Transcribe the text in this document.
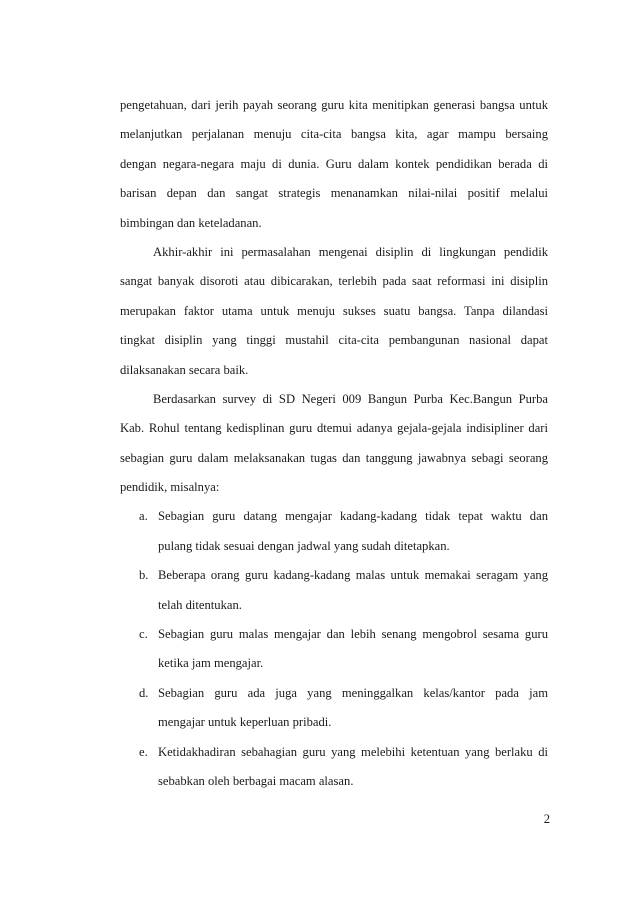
pengetahuan, dari jerih payah seorang guru kita menitipkan generasi bangsa untuk
melanjutkan perjalanan menuju cita-cita bangsa kita, agar mampu bersaing
dengan negara-negara maju di dunia. Guru dalam kontek pendidikan berada di
barisan depan dan sangat strategis menanamkan nilai-nilai positif melalui
bimbingan dan keteladanan.
Akhir-akhir ini permasalahan mengenai disiplin di lingkungan pendidik
sangat banyak disoroti atau dibicarakan, terlebih pada saat reformasi ini disiplin
merupakan faktor utama untuk menuju sukses suatu bangsa. Tanpa dilandasi
tingkat disiplin yang tinggi mustahil cita-cita pembangunan nasional dapat
dilaksanakan secara baik.
Berdasarkan survey di SD Negeri 009 Bangun Purba Kec.Bangun Purba
Kab. Rohul tentang kedisplinan guru dtemui adanya gejala-gejala indisipliner dari
sebagian guru dalam melaksanakan tugas dan tanggung jawabnya sebagi seorang
pendidik, misalnya:
a. Sebagian guru datang mengajar kadang-kadang tidak tepat waktu dan
pulang tidak sesuai dengan jadwal yang sudah ditetapkan.
b. Beberapa orang guru kadang-kadang malas untuk memakai seragam yang
telah ditentukan.
c. Sebagian guru malas mengajar dan lebih senang mengobrol sesama guru
ketika jam mengajar.
d. Sebagian guru ada juga yang meninggalkan kelas/kantor pada jam
mengajar untuk keperluan pribadi.
e. Ketidakhadiran sebahagian guru yang melebihi ketentuan yang berlaku di
sebabkan oleh berbagai macam alasan.
2
